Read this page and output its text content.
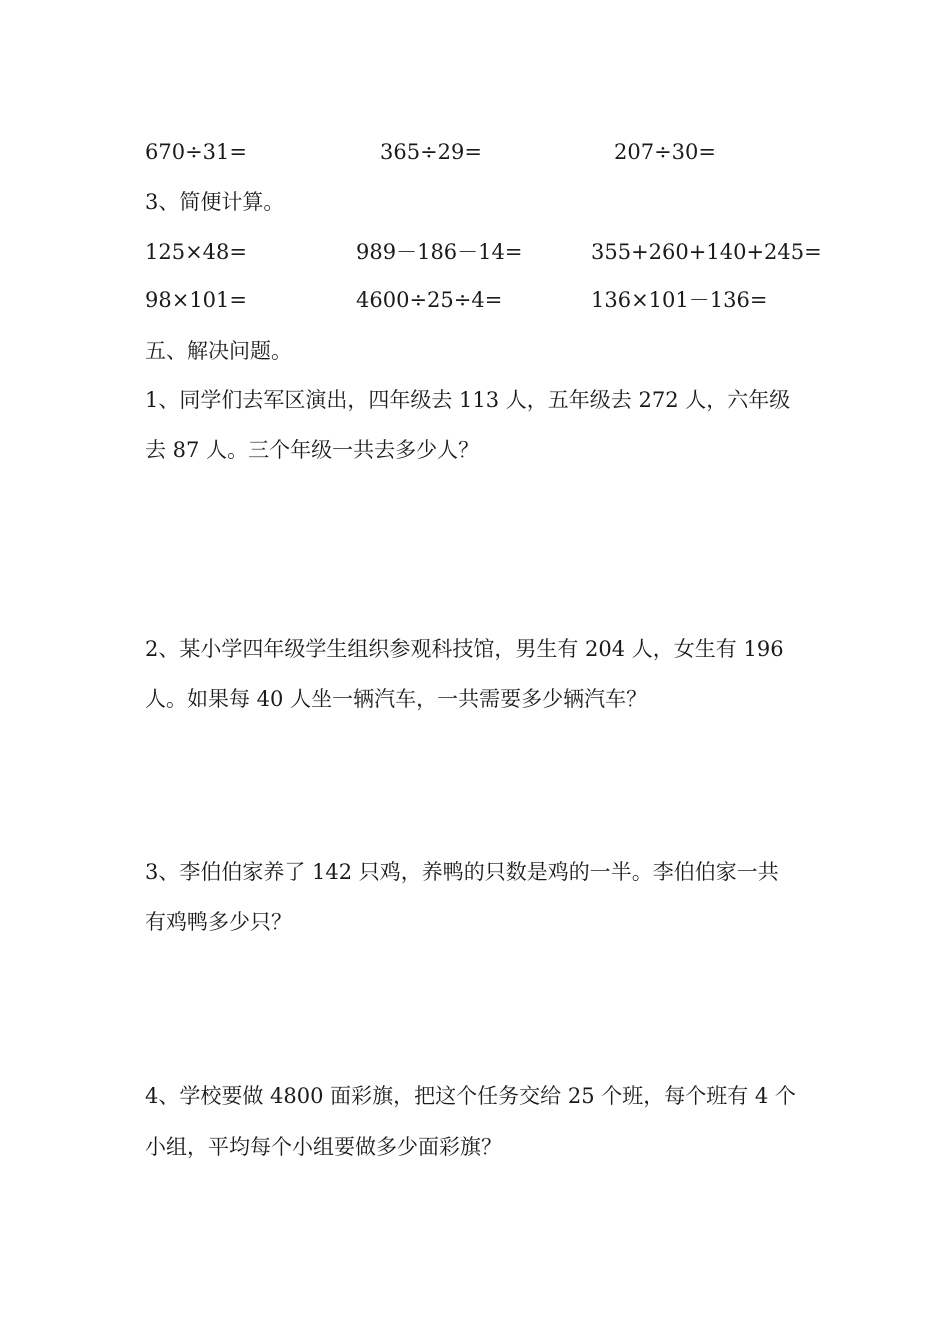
670÷31=	365÷29=	207÷30=
3、简便计算。
125×48=	989－186－14=	355+260+140+245=
98×101=	4600÷25÷4=	136×101－136=
五、解决问题。
1、同学们去军区演出，四年级去 113 人，五年级去 272 人，六年级
去 87 人。三个年级一共去多少人？
2、某小学四年级学生组织参观科技馆，男生有 204 人，女生有 196
人。如果每 40 人坐一辆汽车，一共需要多少辆汽车？
3、李伯伯家养了 142 只鸡，养鸭的只数是鸡的一半。李伯伯家一共
有鸡鸭多少只？
4、学校要做 4800 面彩旗，把这个任务交给 25 个班，每个班有 4 个
小组，平均每个小组要做多少面彩旗？
